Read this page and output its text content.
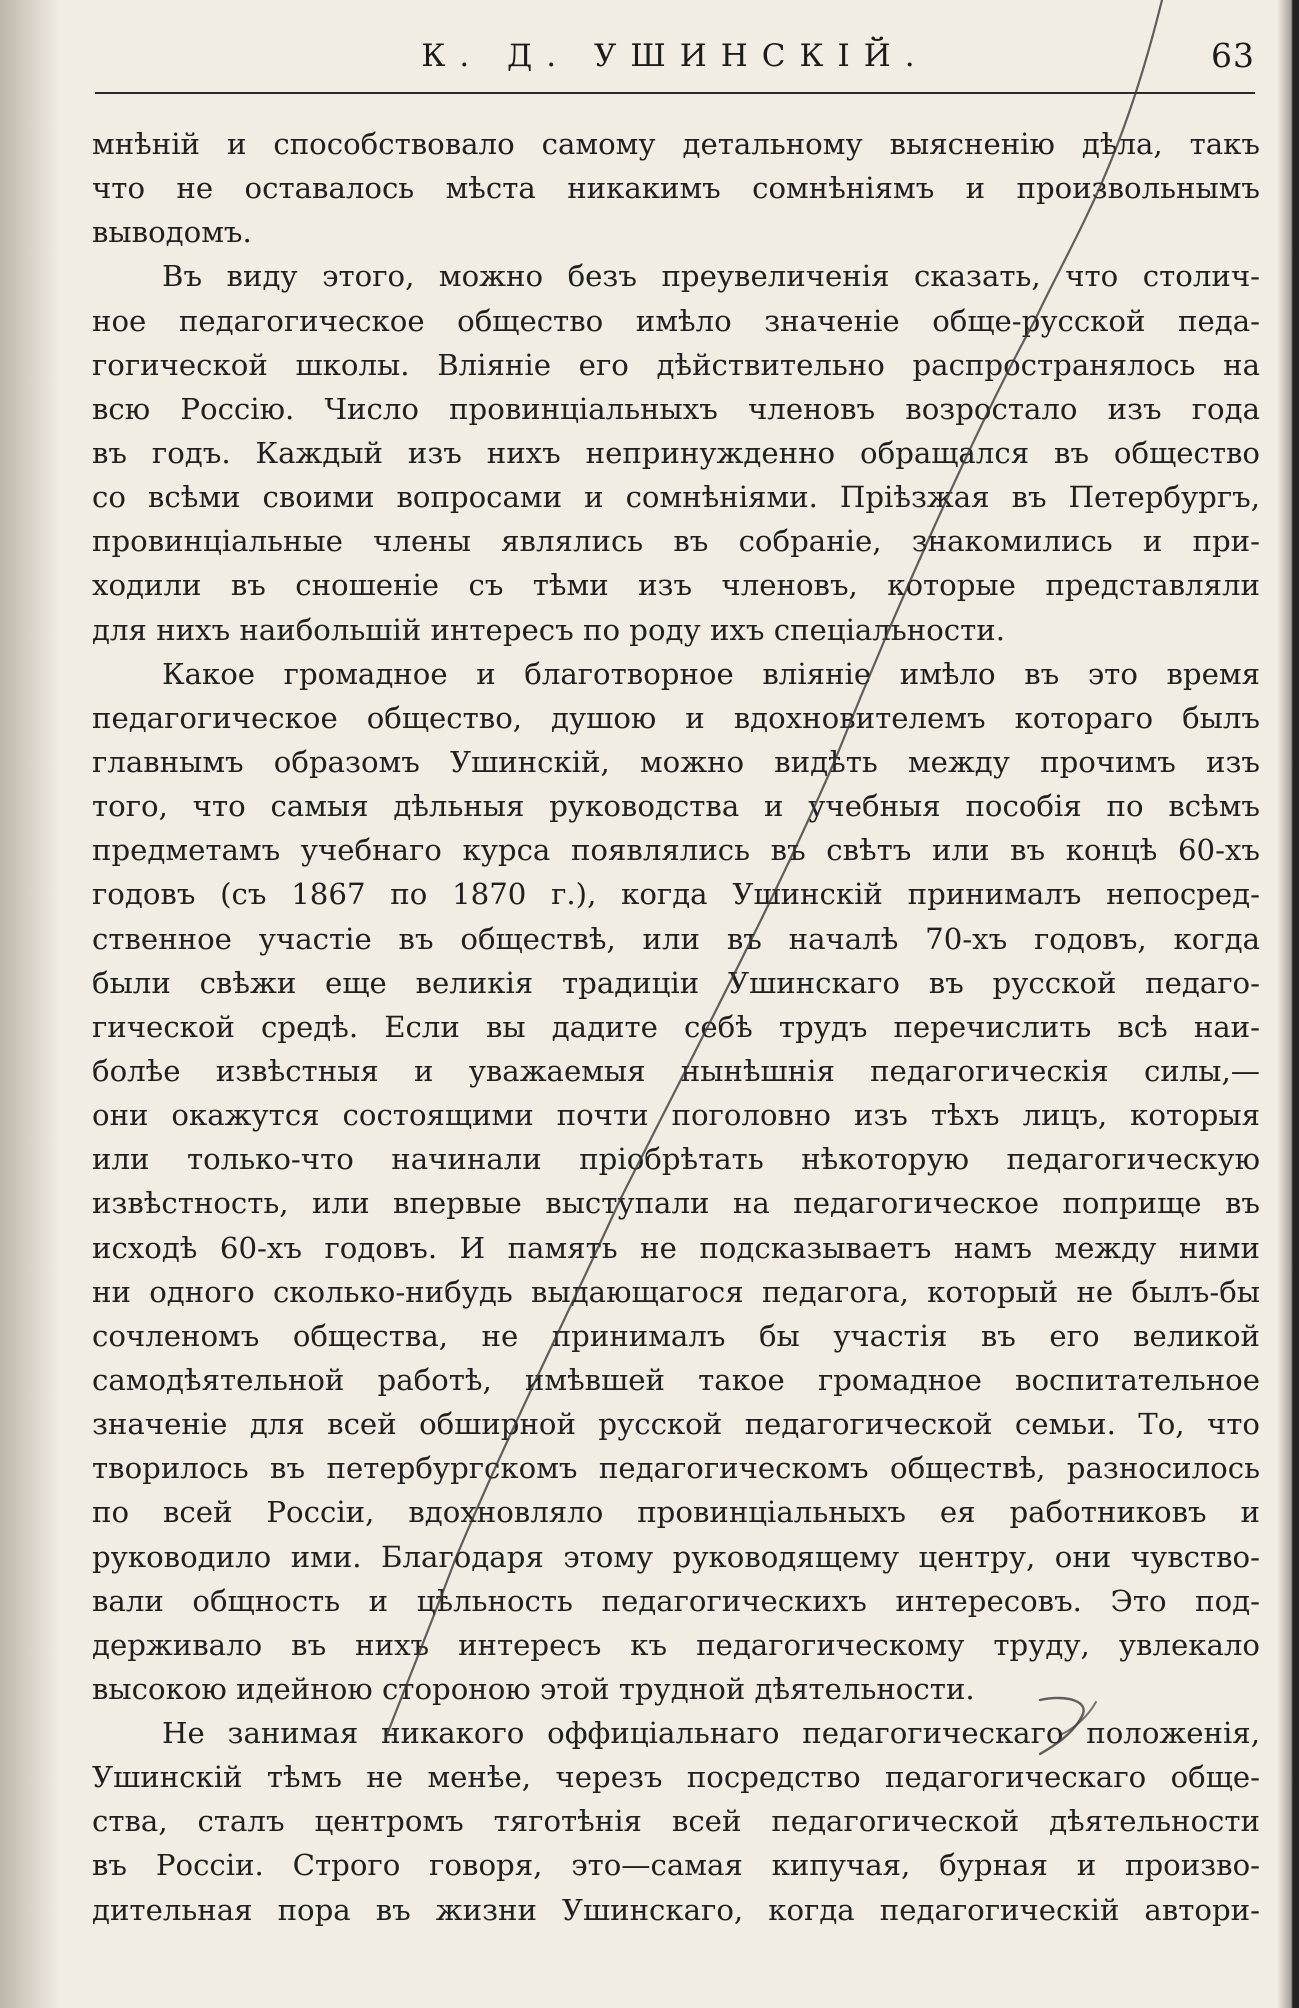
К. Д. УШИНСКІЙ.	63
мнѣній и способствовало самому детальному выясненію дѣла, такъ
что не оставалось мѣста никакимъ сомнѣніямъ и произвольнымъ
выводомъ.
Въ виду этого, можно безъ преувеличенія сказать, что столич-
ное педагогическое общество имѣло значеніе обще-русской педа-
гогической школы. Вліяніе его дѣйствительно распространялось на
всю Россію. Число провинціальныхъ членовъ возростало изъ года
въ годъ. Каждый изъ нихъ непринужденно обращался въ общество
со всѣми своими вопросами и сомнѣніями. Пріѣзжая въ Петербургъ,
провинціальные члены являлись въ собраніе, знакомились и при-
ходили въ сношеніе съ тѣми изъ членовъ, которые представляли
для нихъ наибольшій интересъ по роду ихъ спеціальности.
Какое громадное и благотворное вліяніе имѣло въ это время
педагогическое общество, душою и вдохновителемъ котораго былъ
главнымъ образомъ Ушинскій, можно видѣть между прочимъ изъ
того, что самыя дѣльныя руководства и учебныя пособія по всѣмъ
предметамъ учебнаго курса появлялись въ свѣтъ или въ концѣ 60-хъ
годовъ (съ 1867 по 1870 г.), когда Ушинскій принималъ непосред-
ственное участіе въ обществѣ, или въ началѣ 70-хъ годовъ, когда
были свѣжи еще великія традиціи Ушинскаго въ русской педаго-
гической средѣ. Если вы дадите себѣ трудъ перечислить всѣ наи-
болѣе извѣстныя и уважаемыя нынѣшнія педагогическія силы,—
они окажутся состоящими почти поголовно изъ тѣхъ лицъ, которыя
или только-что начинали пріобрѣтать нѣкоторую педагогическую
извѣстность, или впервые выступали на педагогическое поприще въ
исходѣ 60-хъ годовъ. И память не подсказываетъ намъ между ними
ни одного сколько-нибудь выдающагося педагога, который не былъ-бы
сочленомъ общества, не принималъ бы участія въ его великой
самодѣятельной работѣ, имѣвшей такое громадное воспитательное
значеніе для всей обширной русской педагогической семьи. То, что
творилось въ петербургскомъ педагогическомъ обществѣ, разносилось
по всей Россіи, вдохновляло провинціальныхъ ея работниковъ и
руководило ими. Благодаря этому руководящему центру, они чувство-
вали общность и цѣльность педагогическихъ интересовъ. Это под-
держивало въ нихъ интересъ къ педагогическому труду, увлекало
высокою идейною стороною этой трудной дѣятельности.
Не занимая никакого оффиціальнаго педагогическаго положенія,
Ушинскій тѣмъ не менѣе, черезъ посредство педагогическаго обще-
ства, сталъ центромъ тяготѣнія всей педагогической дѣятельности
въ Россіи. Строго говоря, это—самая кипучая, бурная и произво-
дительная пора въ жизни Ушинскаго, когда педагогическій автори-
